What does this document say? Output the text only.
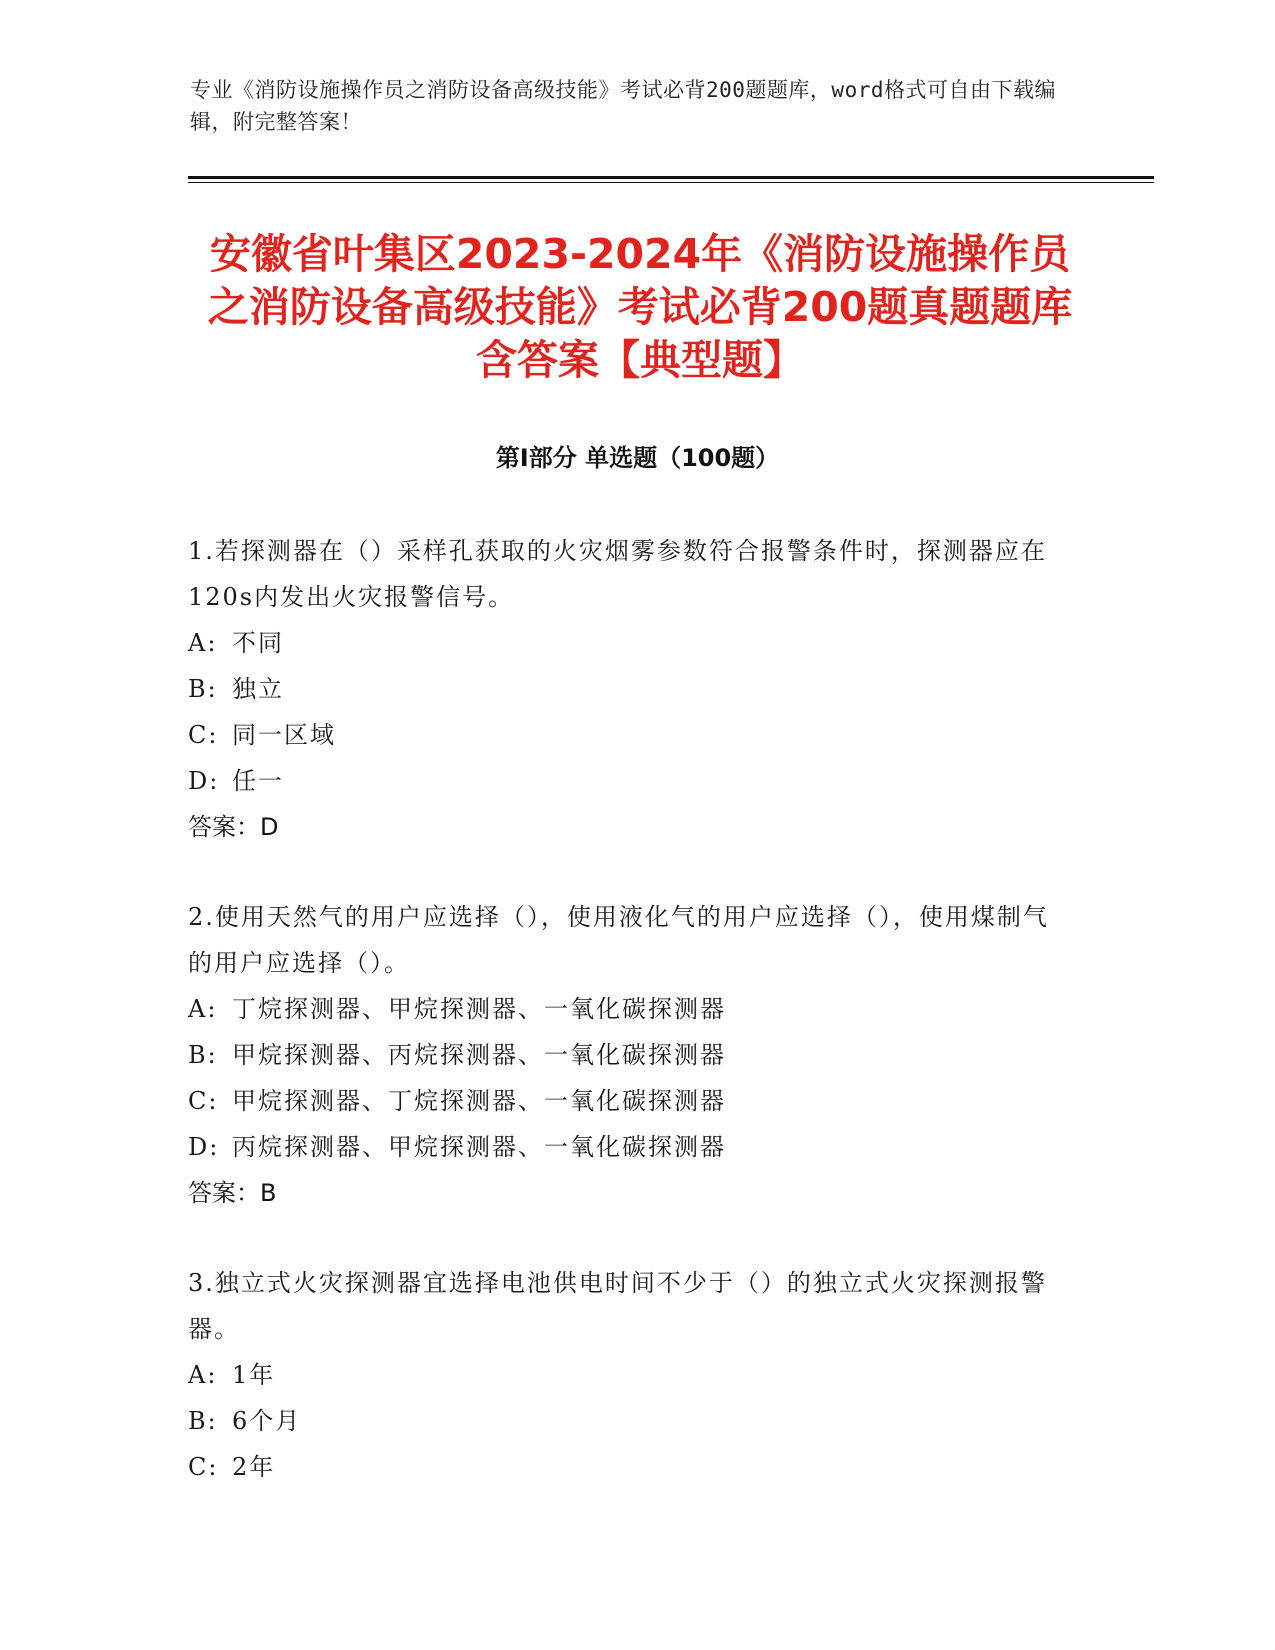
专业《消防设施操作员之消防设备高级技能》考试必背200题题库，word格式可自由下载编辑，附完整答案！
安徽省叶集区2023-2024年《消防设施操作员之消防设备高级技能》考试必背200题真题题库含答案【典型题】
第I部分 单选题（100题）
1.若探测器在（）采样孔获取的火灾烟雾参数符合报警条件时，探测器应在120s内发出火灾报警信号。
A: 不同
B: 独立
C: 同一区域
D: 任一
答案：D
2.使用天然气的用户应选择（），使用液化气的用户应选择（），使用煤制气的用户应选择（）。
A: 丁烷探测器、甲烷探测器、一氧化碳探测器
B: 甲烷探测器、丙烷探测器、一氧化碳探测器
C: 甲烷探测器、丁烷探测器、一氧化碳探测器
D: 丙烷探测器、甲烷探测器、一氧化碳探测器
答案：B
3.独立式火灾探测器宜选择电池供电时间不少于（）的独立式火灾探测报警器。
A: 1年
B: 6个月
C: 2年
